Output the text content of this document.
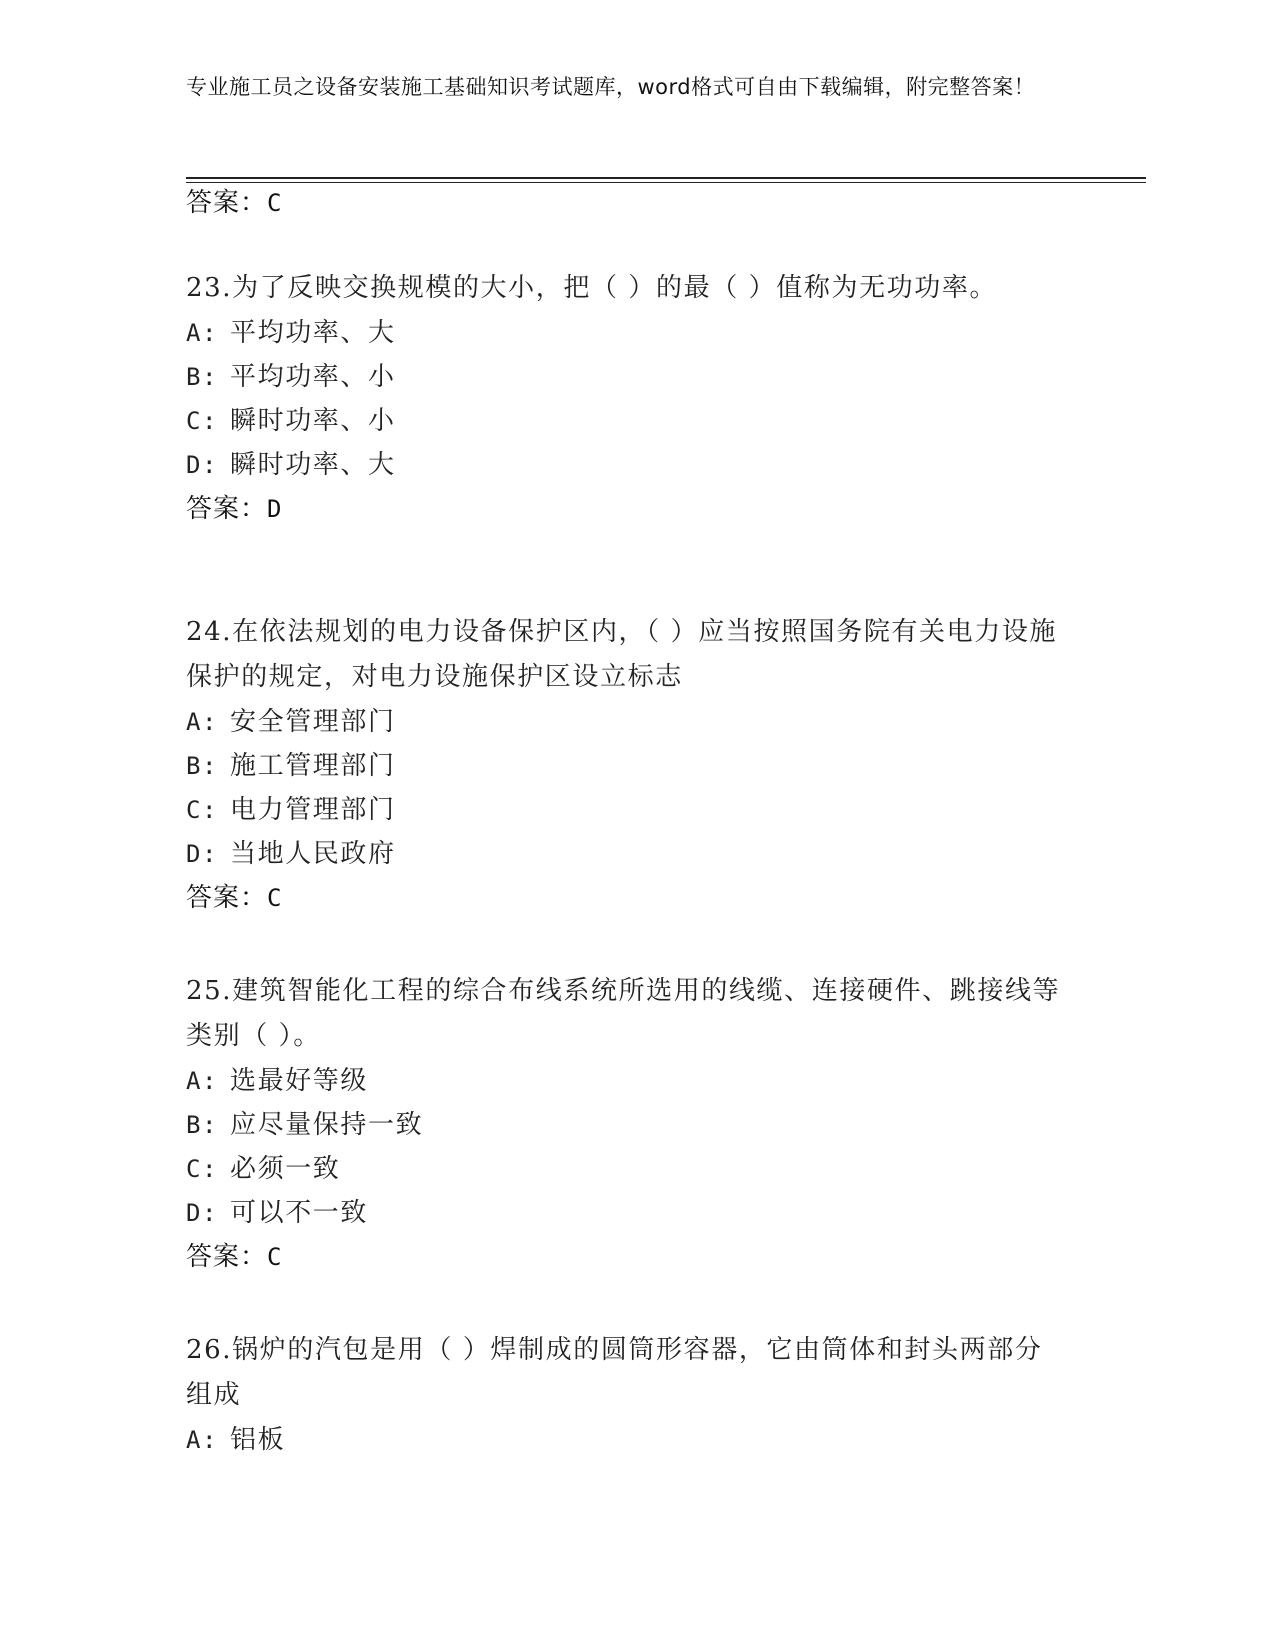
专业施工员之设备安装施工基础知识考试题库，word格式可自由下载编辑，附完整答案！
答案：C
23.为了反映交换规模的大小，把（ ）的最（ ）值称为无功功率。
A: 平均功率、大
B: 平均功率、小
C: 瞬时功率、小
D: 瞬时功率、大
答案：D
24.在依法规划的电力设备保护区内，（ ）应当按照国务院有关电力设施保护的规定，对电力设施保护区设立标志
A: 安全管理部门
B: 施工管理部门
C: 电力管理部门
D: 当地人民政府
答案：C
25.建筑智能化工程的综合布线系统所选用的线缆、连接硬件、跳接线等类别（ ）。
A: 选最好等级
B: 应尽量保持一致
C: 必须一致
D: 可以不一致
答案：C
26.锅炉的汽包是用（ ）焊制成的圆筒形容器，它由筒体和封头两部分组成
A: 铝板
